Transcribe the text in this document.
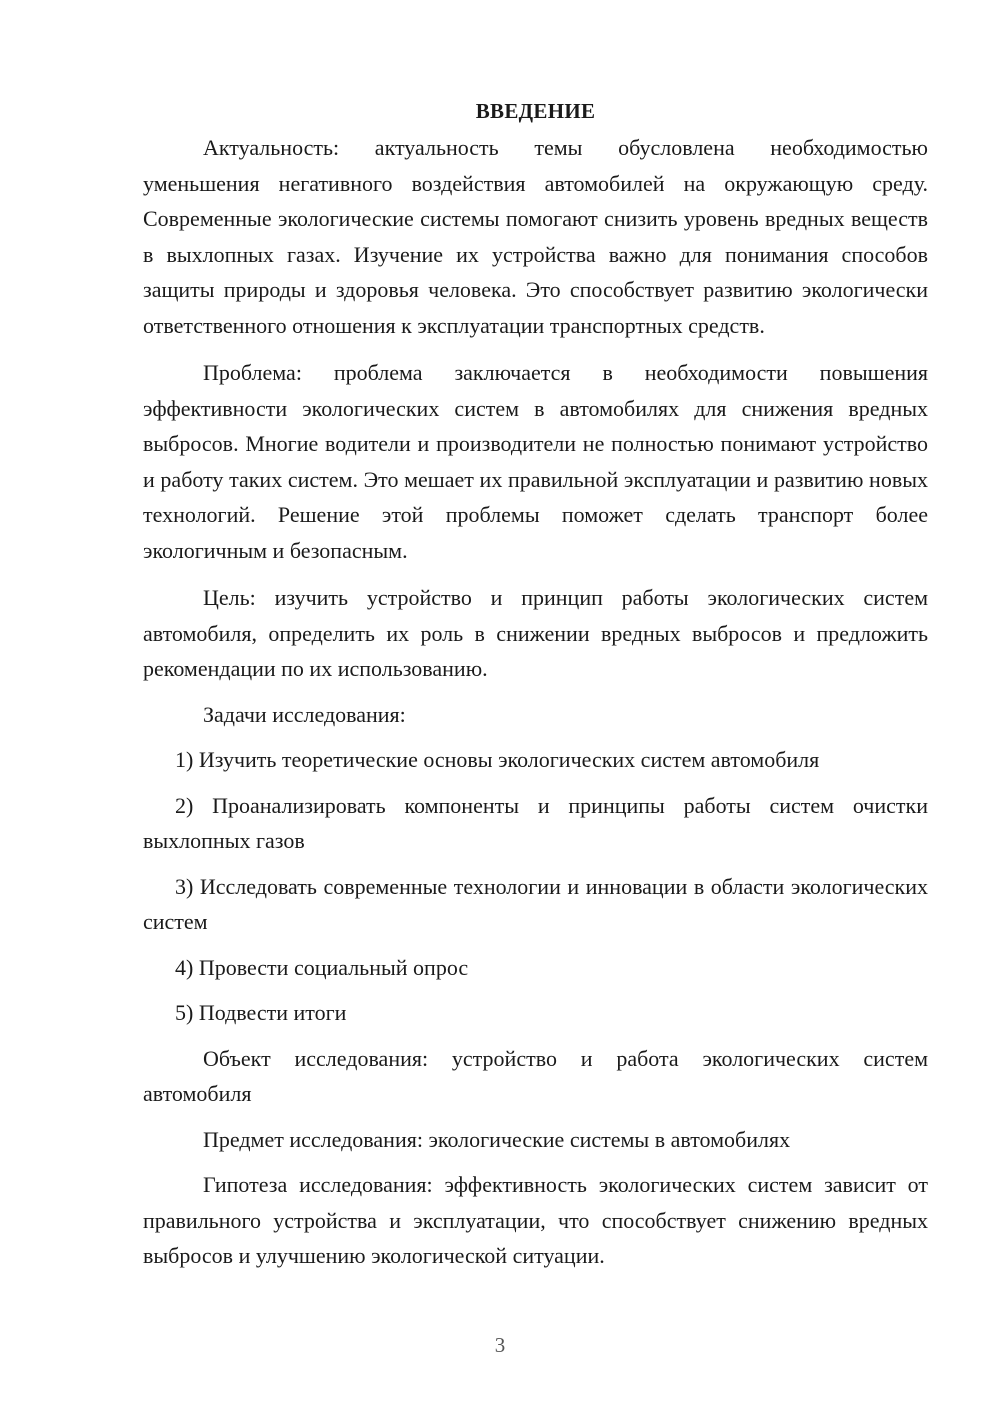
ВВЕДЕНИЕ

Актуальность: актуальность темы обусловлена необходимостью уменьшения негативного воздействия автомобилей на окружающую среду. Современные экологические системы помогают снизить уровень вредных веществ в выхлопных газах. Изучение их устройства важно для понимания способов защиты природы и здоровья человека. Это способствует развитию экологически ответственного отношения к эксплуатации транспортных средств.

Проблема: проблема заключается в необходимости повышения эффективности экологических систем в автомобилях для снижения вредных выбросов. Многие водители и производители не полностью понимают устройство и работу таких систем. Это мешает их правильной эксплуатации и развитию новых технологий. Решение этой проблемы поможет сделать транспорт более экологичным и безопасным.

Цель: изучить устройство и принцип работы экологических систем автомобиля, определить их роль в снижении вредных выбросов и предложить рекомендации по их использованию.

Задачи исследования:

1) Изучить теоретические основы экологических систем автомобиля

2) Проанализировать компоненты и принципы работы систем очистки выхлопных газов

3) Исследовать современные технологии и инновации в области экологических систем

4) Провести социальный опрос

5) Подвести итоги

Объект исследования: устройство и работа экологических систем автомобиля

Предмет исследования: экологические системы в автомобилях

Гипотеза исследования: эффективность экологических систем зависит от правильного устройства и эксплуатации, что способствует снижению вредных выбросов и улучшению экологической ситуации.

3
